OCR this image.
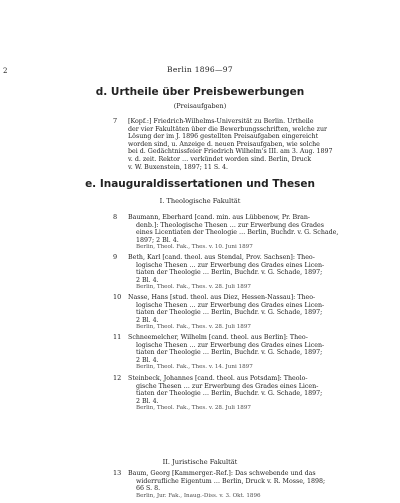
2	Berlin 1896—97
d. Urtheile über Preisbewerbungen
(Preisaufgaben)
7 [Kopf.:] Friedrich-Wilhelms-Universität zu Berlin. Urtheile
der vier Fakultäten über die Bewerbungsschriften, welche zur
Lösung der im J. 1896 gestellten Preisaufgaben eingereicht
worden sind, u. Anzeige d. neuen Preisaufgaben, wie solche
bei d. Gedächtnissfeier Friedrich Wilhelm's III. am 3. Aug. 1897
v. d. zeit. Rektor … verkündet worden sind. Berlin, Druck
v. W. Buxenstein, 1897; 11 S. 4.
e. Inauguraldissertationen und Thesen
I. Theologische Fakultät
8 Baumann, Eberhard [cand. min. aus Lübbenow, Pr. Bran-
denb.]: Theologische Thesen … zur Erwerbung des Grades
eines Licentiaten der Theologie … Berlin, Buchdr. v. G. Schade,
1897; 2 Bl. 4.
Berlin, Theol. Fak., Thes. v. 10. Juni 1897
9 Beth, Karl [cand. theol. aus Stendal, Prov. Sachsen]: Theo-
logische Thesen … zur Erwerbung des Grades eines Licen-
tiaten der Theologie … Berlin, Buchdr. v. G. Schade, 1897;
2 Bl. 4.
Berlin, Theol. Fak., Thes. v. 28. Juli 1897
10 Nasse, Hans [stud. theol. aus Diez, Hessen-Nassau]: Theo-
logische Thesen … zur Erwerbung des Grades eines Licen-
tiaten der Theologie … Berlin, Buchdr. v. G. Schade, 1897;
2 Bl. 4.
Berlin, Theol. Fak., Thes. v. 28. Juli 1897
11 Schneemelcher, Wilhelm [cand. theol. aus Berlin]: Theo-
logische Thesen … zur Erwerbung des Grades eines Licen-
tiaten der Theologie … Berlin, Buchdr. v. G. Schade, 1897;
2 Bl. 4.
Berlin, Theol. Fak., Thes. v. 14. Juni 1897
12 Steinbeck, Johannes [cand. theol. aus Potsdam]: Theolo-
gische Thesen … zur Erwerbung des Grades eines Licen-
tiaten der Theologie … Berlin, Buchdr. v. G. Schade, 1897;
2 Bl. 4.
Berlin, Theol. Fak., Thes. v. 28. Juli 1897
II. Juristische Fakultät
13 Baum, Georg [Kammerger.-Ref.]: Das schwebende und das
widerrufliche Eigentum … Berlin, Druck v. R. Mosse, 1898;
66 S. 8.
Berlin, Jur. Fak., Inaug.-Diss. v. 3. Okt. 1896
